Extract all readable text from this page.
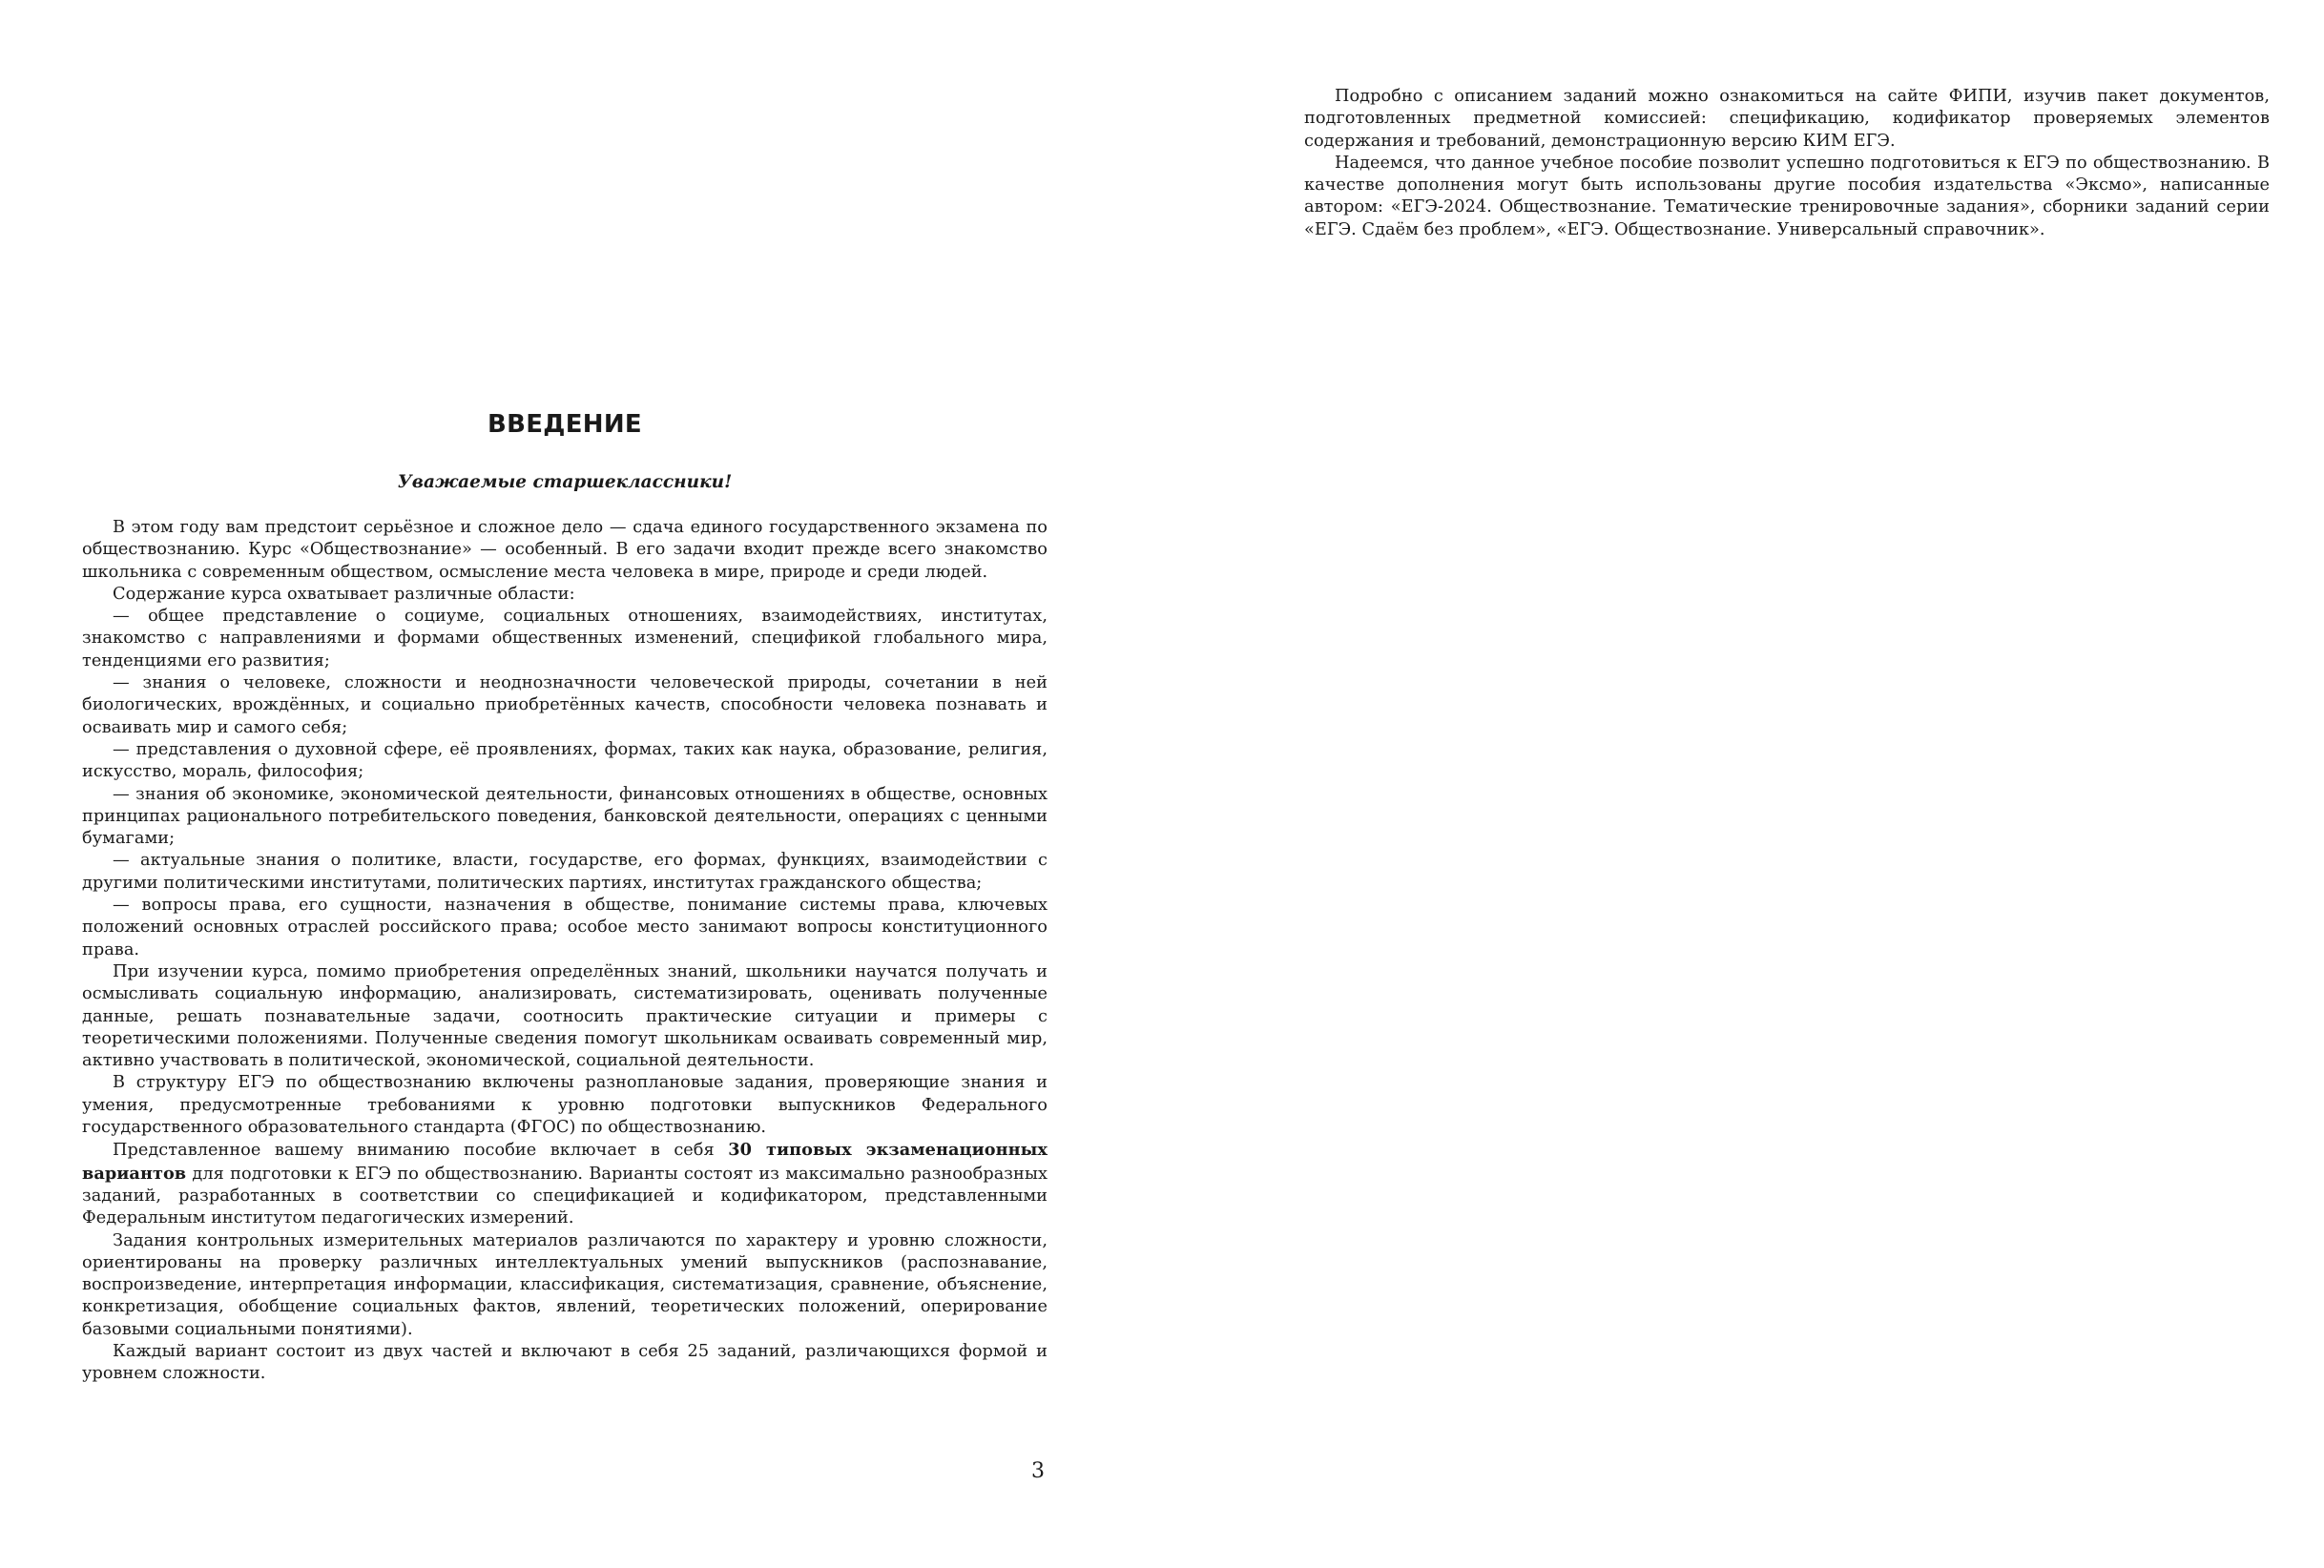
ВВЕДЕНИЕ
Уважаемые старшеклассники!

В этом году вам предстоит серьёзное и сложное дело — сдача единого государственного экзамена по обществознанию. Курс «Обществознание» — особенный. В его задачи входит прежде всего знакомство школьника с современным обществом, осмысление места человека в мире, природе и среди людей.

Содержание курса охватывает различные области:

— общее представление о социуме, социальных отношениях, взаимодействиях, институтах, знакомство с направлениями и формами общественных изменений, спецификой глобального мира, тенденциями его развития;

— знания о человеке, сложности и неоднозначности человеческой природы, сочетании в ней биологических, врождённых, и социально приобретённых качеств, способности человека познавать и осваивать мир и самого себя;

— представления о духовной сфере, её проявлениях, формах, таких как наука, образование, религия, искусство, мораль, философия;

— знания об экономике, экономической деятельности, финансовых отношениях в обществе, основных принципах рационального потребительского поведения, банковской деятельности, операциях с ценными бумагами;

— актуальные знания о политике, власти, государстве, его формах, функциях, взаимодействии с другими политическими институтами, политических партиях, институтах гражданского общества;

— вопросы права, его сущности, назначения в обществе, понимание системы права, ключевых положений основных отраслей российского права; особое место занимают вопросы конституционного права.

При изучении курса, помимо приобретения определённых знаний, школьники научатся получать и осмысливать социальную информацию, анализировать, систематизировать, оценивать полученные данные, решать познавательные задачи, соотносить практические ситуации и примеры с теоретическими положениями. Полученные сведения помогут школьникам осваивать современный мир, активно участвовать в политической, экономической, социальной деятельности.

В структуру ЕГЭ по обществознанию включены разноплановые задания, проверяющие знания и умения, предусмотренные требованиями к уровню подготовки выпускников Федерального государственного образовательного стандарта (ФГОС) по обществознанию.

Представленное вашему вниманию пособие включает в себя 30 типовых экзаменационных вариантов для подготовки к ЕГЭ по обществознанию. Варианты состоят из максимально разнообразных заданий, разработанных в соответствии со спецификацией и кодификатором, представленными Федеральным институтом педагогических измерений.

Задания контрольных измерительных материалов различаются по характеру и уровню сложности, ориентированы на проверку различных интеллектуальных умений выпускников (распознавание, воспроизведение, интерпретация информации, классификация, систематизация, сравнение, объяснение, конкретизация, обобщение социальных фактов, явлений, теоретических положений, оперирование базовыми социальными понятиями).

Каждый вариант состоит из двух частей и включают в себя 25 заданий, различающихся формой и уровнем сложности.

3

Подробно с описанием заданий можно ознакомиться на сайте ФИПИ, изучив пакет документов, подготовленных предметной комиссией: спецификацию, кодификатор проверяемых элементов содержания и требований, демонстрационную версию КИМ ЕГЭ.

Надеемся, что данное учебное пособие позволит успешно подготовиться к ЕГЭ по обществознанию. В качестве дополнения могут быть использованы другие пособия издательства «Эксмо», написанные автором: «ЕГЭ-2024. Обществознание. Тематические тренировочные задания», сборники заданий серии «ЕГЭ. Сдаём без проблем», «ЕГЭ. Обществознание. Универсальный справочник».
